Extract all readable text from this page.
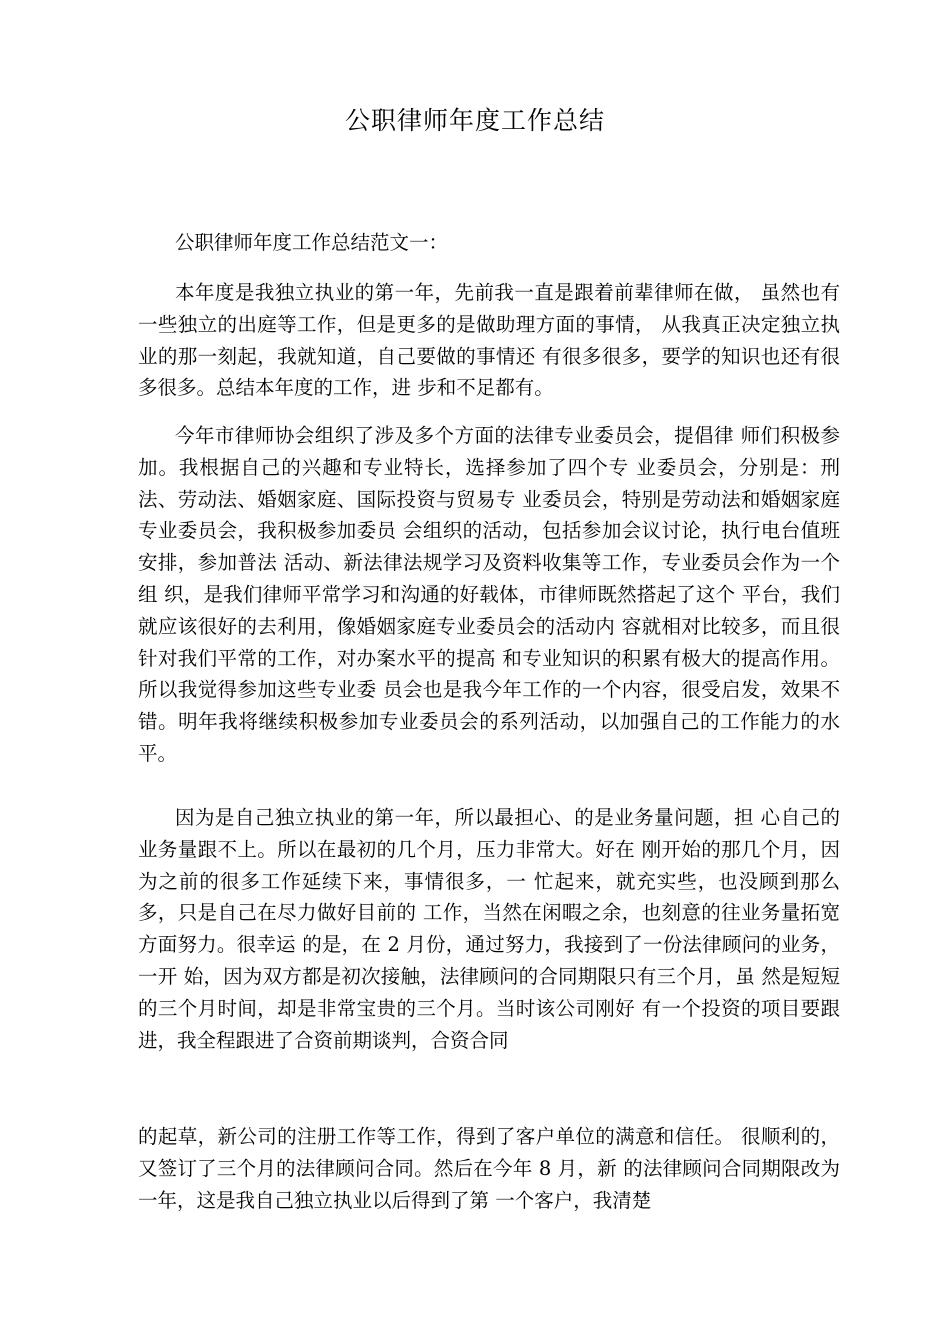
公职律师年度工作总结

公职律师年度工作总结范文一：

本年度是我独立执业的第一年，先前我一直是跟着前辈律师在做， 虽然也有一些独立的出庭等工作，但是更多的是做助理方面的事情， 从我真正决定独立执业的那一刻起，我就知道，自己要做的事情还 有很多很多，要学的知识也还有很多很多。总结本年度的工作，进 步和不足都有。

今年市律师协会组织了涉及多个方面的法律专业委员会，提倡律 师们积极参加。我根据自己的兴趣和专业特长，选择参加了四个专 业委员会，分别是：刑法、劳动法、婚姻家庭、国际投资与贸易专 业委员会，特别是劳动法和婚姻家庭专业委员会，我积极参加委员 会组织的活动，包括参加会议讨论，执行电台值班安排，参加普法 活动、新法律法规学习及资料收集等工作，专业委员会作为一个组 织，是我们律师平常学习和沟通的好载体，市律师既然搭起了这个 平台，我们就应该很好的去利用，像婚姻家庭专业委员会的活动内 容就相对比较多，而且很针对我们平常的工作，对办案水平的提高 和专业知识的积累有极大的提高作用。所以我觉得参加这些专业委 员会也是我今年工作的一个内容，很受启发，效果不错。明年我将继续积极参加专业委员会的系列活动，以加强自己的工作能力的水 平。

因为是自己独立执业的第一年，所以最担心、的是业务量问题，担 心自己的业务量跟不上。所以在最初的几个月，压力非常大。好在 刚开始的那几个月，因为之前的很多工作延续下来，事情很多，一 忙起来，就充实些，也没顾到那么多，只是自己在尽力做好目前的 工作，当然在闲暇之余，也刻意的往业务量拓宽方面努力。很幸运 的是，在 2 月份，通过努力，我接到了一份法律顾问的业务，一开 始，因为双方都是初次接触，法律顾问的合同期限只有三个月，虽 然是短短的三个月时间，却是非常宝贵的三个月。当时该公司刚好 有一个投资的项目要跟进，我全程跟进了合资前期谈判，合资合同

的起草，新公司的注册工作等工作，得到了客户单位的满意和信任。 很顺利的，又签订了三个月的法律顾问合同。然后在今年 8 月，新 的法律顾问合同期限改为一年，这是我自己独立执业以后得到了第 一个客户，我清楚
